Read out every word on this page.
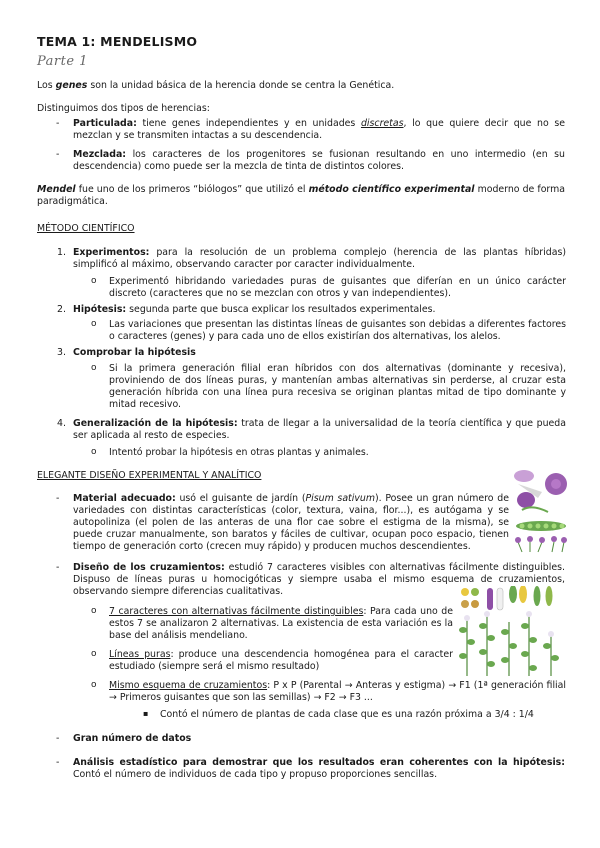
TEMA 1: MENDELISMO
Parte 1
Los genes son la unidad básica de la herencia donde se centra la Genética.
Distinguimos dos tipos de herencias:
- Particulada: tiene genes independientes y en unidades discretas, lo que quiere decir que no se mezclan y se transmiten intactas a su descendencia.
- Mezclada: los caracteres de los progenitores se fusionan resultando en uno intermedio (en su descendencia) como puede ser la mezcla de tinta de distintos colores.
Mendel fue uno de los primeros “biólogos” que utilizó el método científico experimental moderno de forma paradigmática.
MÉTODO CIENTÍFICO
1. Experimentos: para la resolución de un problema complejo (herencia de las plantas híbridas) simplificó al máximo, observando caracter por caracter individualmente.
o Experimentó hibridando variedades puras de guisantes que diferían en un único carácter discreto (caracteres que no se mezclan con otros y van independientes).
2. Hipótesis: segunda parte que busca explicar los resultados experimentales.
o Las variaciones que presentan las distintas líneas de guisantes son debidas a diferentes factores o caracteres (genes) y para cada uno de ellos existirían dos alternativas, los alelos.
3. Comprobar la hipótesis
o Si la primera generación filial eran híbridos con dos alternativas (dominante y recesiva), proviniendo de dos líneas puras, y mantenían ambas alternativas sin perderse, al cruzar esta generación híbrida con una línea pura recesiva se originan plantas mitad de tipo dominante y mitad recesivo.
4. Generalización de la hipótesis: trata de llegar a la universalidad de la teoría científica y que pueda ser aplicada al resto de especies.
o Intentó probar la hipótesis en otras plantas y animales.
ELEGANTE DISEÑO EXPERIMENTAL Y ANALÍTICO
- Material adecuado: usó el guisante de jardín (Pisum sativum). Posee un gran número de variedades con distintas características (color, textura, vaina, flor...), es autógama y se autopoliniza (el polen de las anteras de una flor cae sobre el estigma de la misma), se puede cruzar manualmente, son baratos y fáciles de cultivar, ocupan poco espacio, tienen tiempo de generación corto (crecen muy rápido) y producen muchos descendientes.
- Diseño de los cruzamientos: estudió 7 caracteres visibles con alternativas fácilmente distinguibles. Dispuso de líneas puras u homocigóticas y siempre usaba el mismo esquema de cruzamientos, observando siempre diferencias cualitativas.
o 7 caracteres con alternativas fácilmente distinguibles: Para cada uno de estos 7 se analizaron 2 alternativas. La existencia de esta variación es la base del análisis mendeliano.
o Líneas puras: produce una descendencia homogénea para el caracter estudiado (siempre será el mismo resultado)
o Mismo esquema de cruzamientos: P x P (Parental → Anteras y estigma) → F1 (1ª generación filial → Primeros guisantes que son las semillas) → F2 → F3 ...
▪ Contó el número de plantas de cada clase que es una razón próxima a 3/4 : 1/4
- Gran número de datos
- Análisis estadístico para demostrar que los resultados eran coherentes con la hipótesis: Contó el número de individuos de cada tipo y propuso proporciones sencillas.
